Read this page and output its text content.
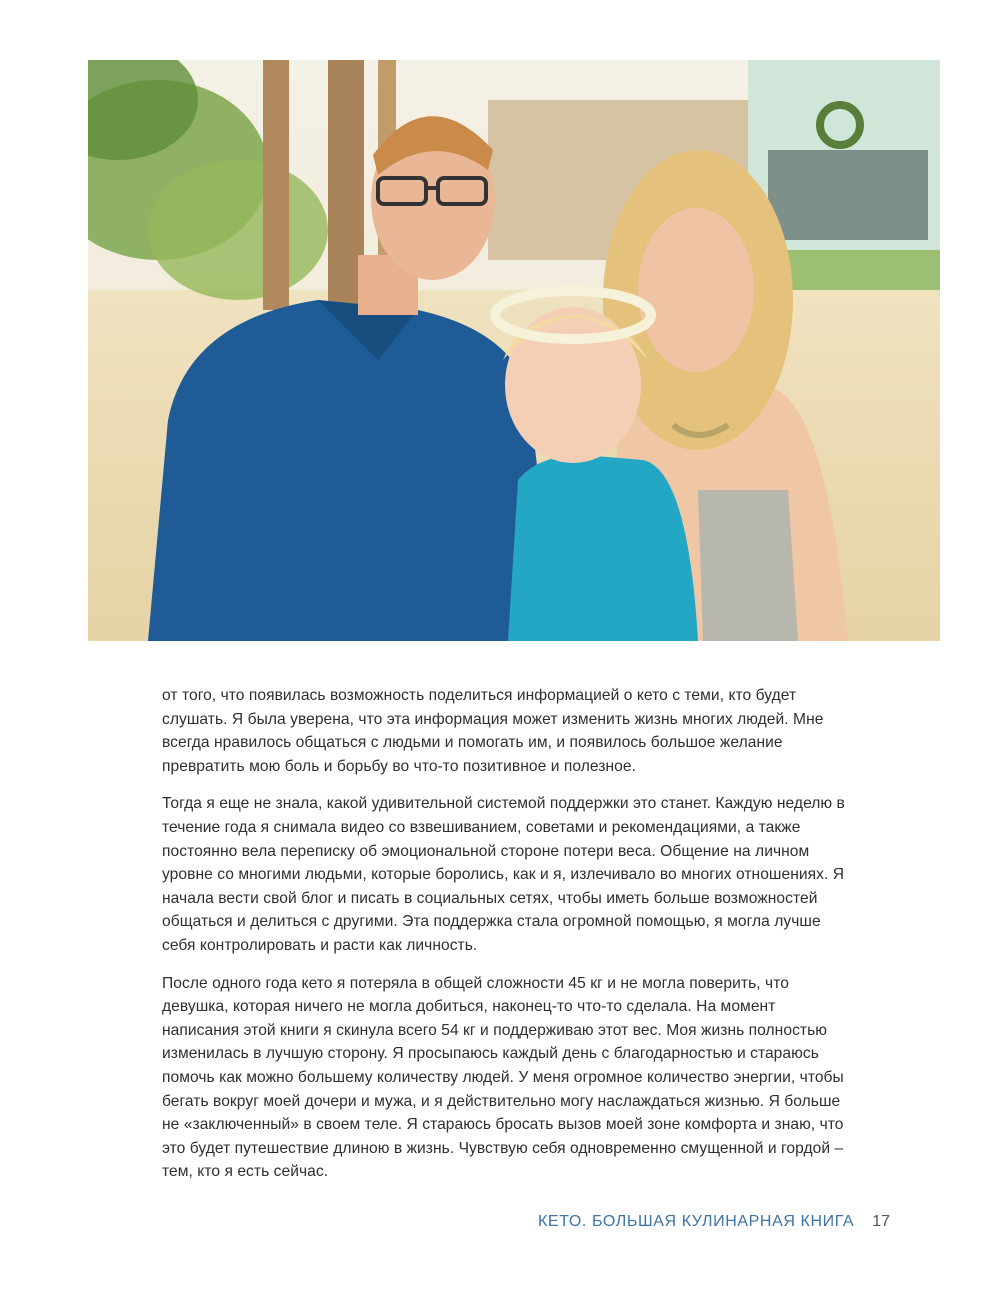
от того, что появилась возможность поделиться информацией о кето с теми, кто будет слушать. Я была уверена, что эта информация может изменить жизнь многих людей. Мне всегда нравилось общаться с людьми и помогать им, и появилось большое желание превратить мою боль и борьбу во что-то позитивное и полезное.

Тогда я еще не знала, какой удивительной системой поддержки это станет. Каждую неделю в течение года я снимала видео со взвешиванием, советами и рекомендациями, а также постоянно вела переписку об эмоциональной стороне потери веса. Общение на личном уровне со многими людьми, которые боролись, как и я, излечивало во многих отношениях. Я начала вести свой блог и писать в социальных сетях, чтобы иметь больше возможностей общаться и делиться с другими. Эта поддержка стала огромной помощью, я могла лучше себя контролировать и расти как личность.

После одного года кето я потеряла в общей сложности 45 кг и не могла поверить, что девушка, которая ничего не могла добиться, наконец-то что-то сделала. На момент написания этой книги я скинула всего 54 кг и поддерживаю этот вес. Моя жизнь полностью изменилась в лучшую сторону. Я просыпаюсь каждый день с благодарностью и стараюсь помочь как можно большему количеству людей. У меня огромное количество энергии, чтобы бегать вокруг моей дочери и мужа, и я действительно могу наслаждаться жизнью. Я больше не «заключенный» в своем теле. Я стараюсь бросать вызов моей зоне комфорта и знаю, что это будет путешествие длиною в жизнь. Чувствую себя одновременно смущенной и гордой – тем, кто я есть сейчас.

КЕТО. БОЛЬШАЯ КУЛИНАРНАЯ КНИГА 17
